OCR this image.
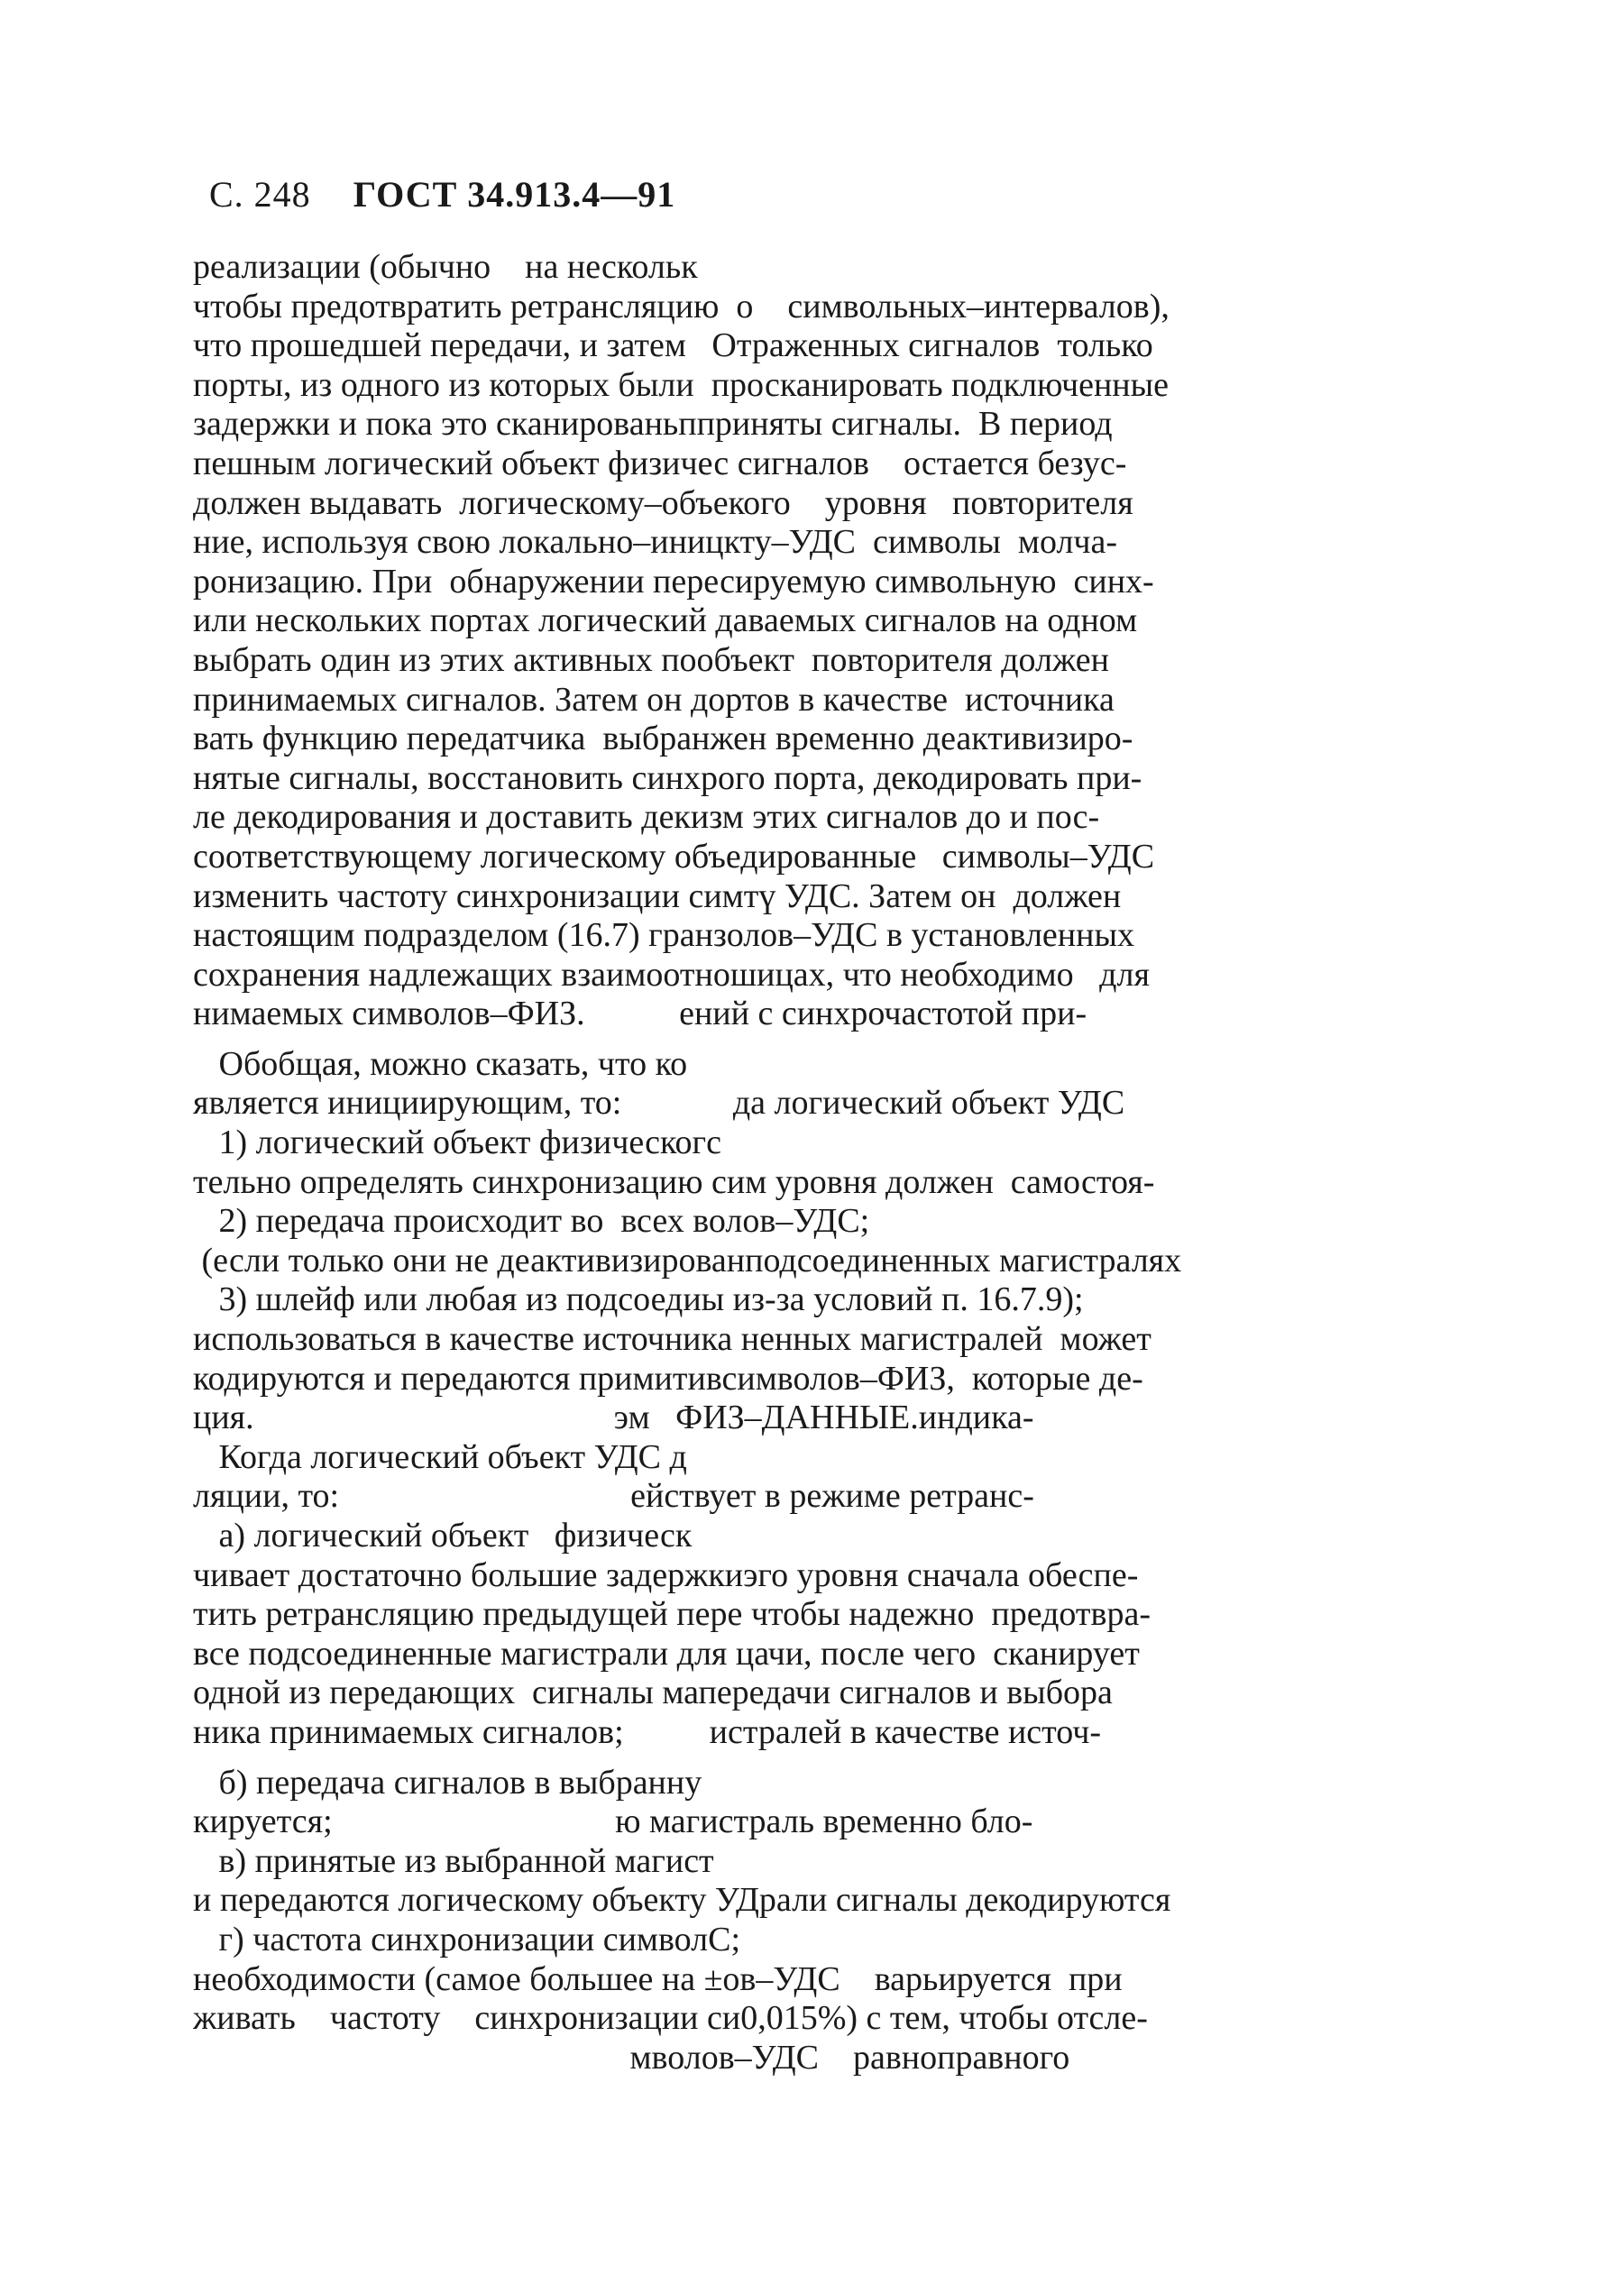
С. 248 ГОСТ 34.913.4—91
реализации (обычно    на нескольк
чтобы предотвратить ретрансляцию  о    символьных–интервалов),
что прошедшей передачи, и затем   Отраженных сигналов  только
порты, из одного из которых были  просканировать подключенные
задержки и пока это сканированьпприняты сигналы.  В период
пешным логический объект физичес сигналов    остается безус-
должен выдавать  логическому–объекого    уровня   повторителя
ние, используя свою локально–иницкту–УДС  символы  молча-
ронизацию. При  обнаружении пересируемую символьную  синх-
или нескольких портах логический даваемых сигналов на одном
выбрать один из этих активных пообъект  повторителя должен
принимаемых сигналов. Затем он дортов в качестве  источника
вать функцию передатчика  выбранжен временно деактивизиро-
нятые сигналы, восстановить синхрого порта, декодировать при-
ле декодирования и доставить декизм этих сигналов до и пос-
соответствующему логическому объедированные   символы–УДС
изменить частоту синхронизации симтү УДС. Затем он  должен
настоящим подразделом (16.7) гранзолов–УДС в установленных
сохранения надлежащих взаимоотношицах, что необходимо   для
нимаемых символов–ФИЗ.           ений с синхрочастотой при-
Обобщая, можно сказать, что ко
является инициирующим, то:             да логический объект УДС
1) логический объект физическогс
тельно определять синхронизацию сим уровня должен  самостоя-
2) передача происходит во  всех волов–УДС;
(если только они не деактивизированподсоединенных магистралях
3) шлейф или любая из подсоедиы из-за условий п. 16.7.9);
использоваться в качестве источника ненных магистралей  может
кодируются и передаются примитивсимволов–ФИЗ,  которые де-
ция.                                          эм   ФИЗ–ДАННЫЕ.индика-
Когда логический объект УДС д
ляции, то:                                  ействует в режиме ретранс-
а) логический объект   физическ
чивает достаточно большие задержкиэго уровня сначала обеспе-
тить ретрансляцию предыдущей пере чтобы надежно  предотвра-
все подсоединенные магистрали для цачи, после чего  сканирует
одной из передающих  сигналы мапередачи сигналов и выбора
ника принимаемых сигналов;          истралей в качестве источ-
б) передача сигналов в выбранну
кируется;                                 ю магистраль временно бло-
в) принятые из выбранной магист
и передаются логическому объекту УДрали сигналы декодируются
г) частота синхронизации символС;
необходимости (самое большее на ±ов–УДС    варьируется  при
живать    частоту    синхронизации си0,015%) с тем, чтобы отсле-
мволов–УДС    равноправного
